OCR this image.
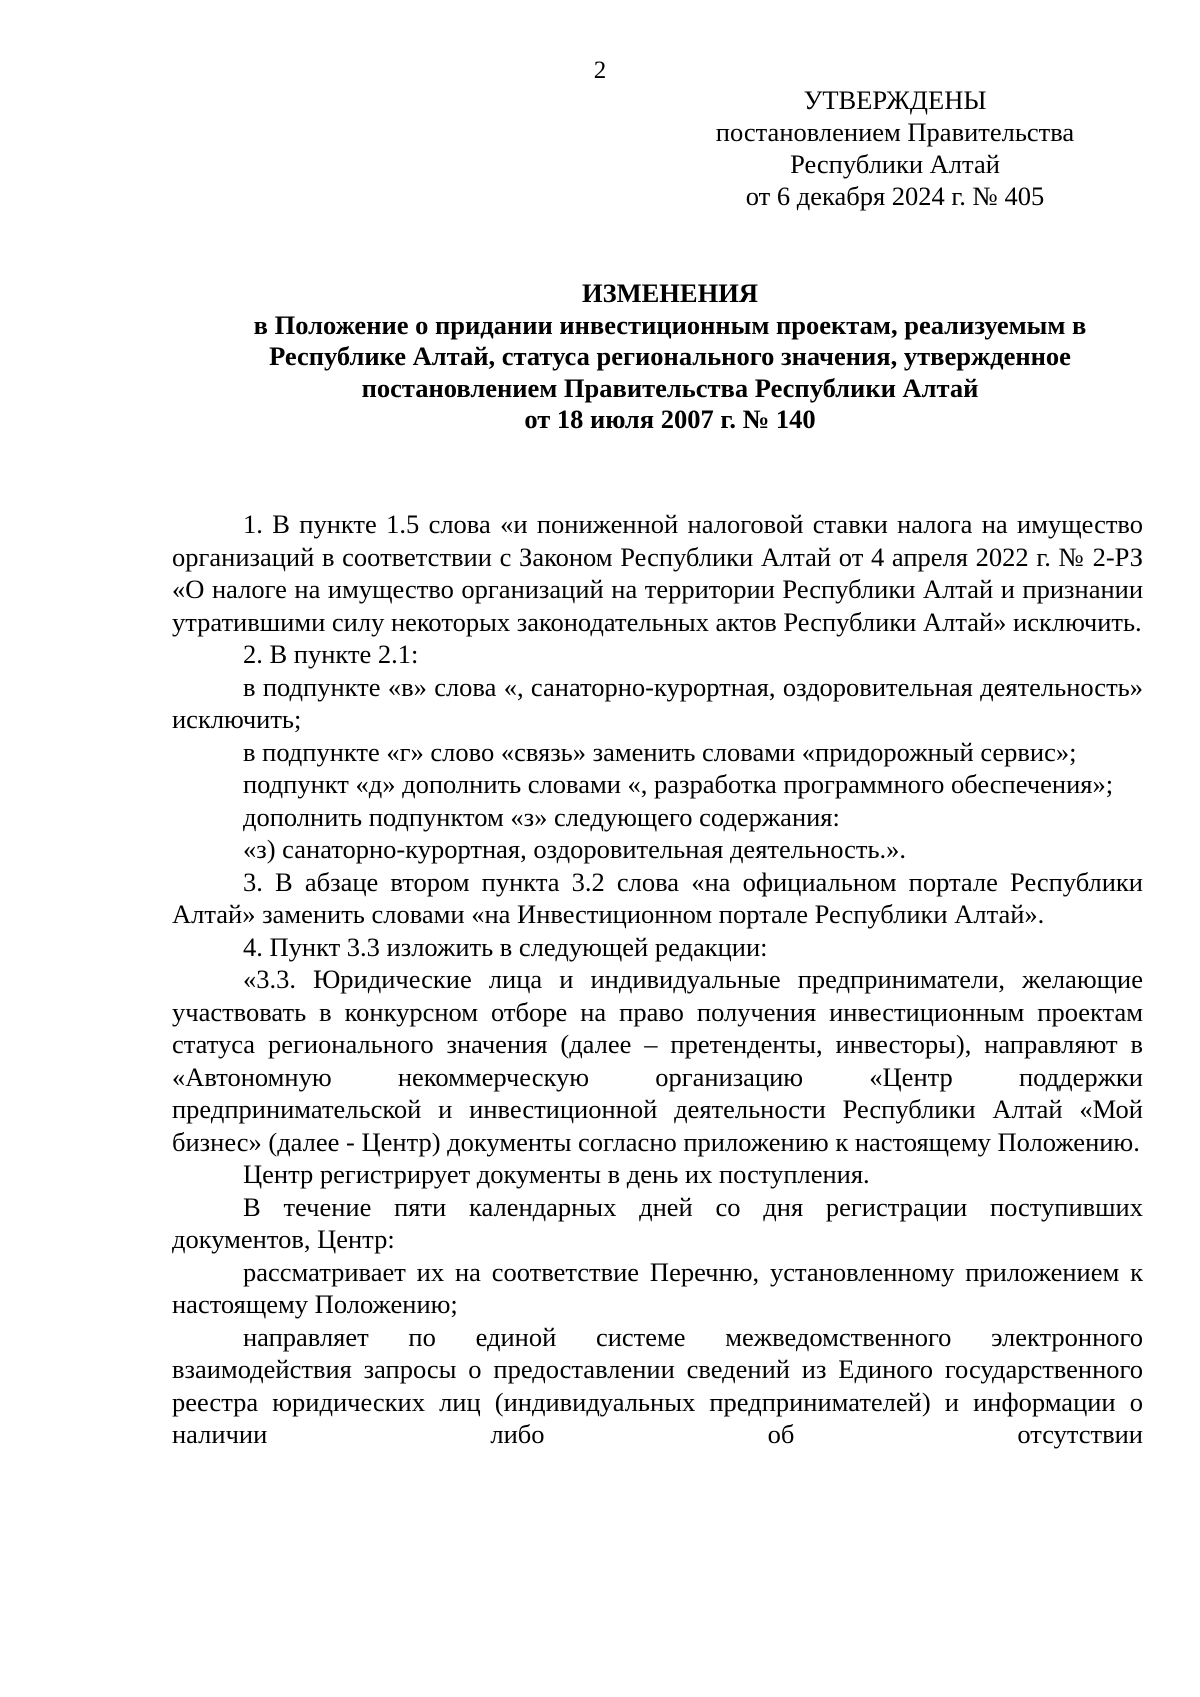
2
УТВЕРЖДЕНЫ
постановлением Правительства
Республики Алтай
от 6 декабря 2024 г. № 405
ИЗМЕНЕНИЯ
в Положение о придании инвестиционным проектам, реализуемым в
Республике Алтай, статуса регионального значения, утвержденное
постановлением Правительства Республики Алтай
от 18 июля 2007 г. № 140

1. В пункте 1.5 слова «и пониженной налоговой ставки налога на имущество организаций в соответствии с Законом Республики Алтай от 4 апреля 2022 г. № 2-РЗ «О налоге на имущество организаций на территории Республики Алтай и признании утратившими силу некоторых законодательных актов Республики Алтай» исключить.

2. В пункте 2.1:

в подпункте «в» слова «, санаторно-курортная, оздоровительная деятельность» исключить;

в подпункте «г» слово «связь» заменить словами «придорожный сервис»;

подпункт «д» дополнить словами «, разработка программного обеспечения»;

дополнить подпунктом «з» следующего содержания:

«з) санаторно-курортная, оздоровительная деятельность.».

3. В абзаце втором пункта 3.2 слова «на официальном портале Республики Алтай» заменить словами «на Инвестиционном портале Республики Алтай».

4. Пункт 3.3 изложить в следующей редакции:

«3.3. Юридические лица и индивидуальные предприниматели, желающие участвовать в конкурсном отборе на право получения инвестиционным проектам статуса регионального значения (далее – претенденты, инвесторы), направляют в «Автономную некоммерческую организацию «Центр поддержки предпринимательской и инвестиционной деятельности Республики Алтай «Мой бизнес» (далее - Центр) документы согласно приложению к настоящему Положению.

Центр регистрирует документы в день их поступления.

В течение пяти календарных дней со дня регистрации поступивших документов, Центр:

рассматривает их на соответствие Перечню, установленному приложением к настоящему Положению;

направляет по единой системе межведомственного электронного взаимодействия запросы о предоставлении сведений из Единого государственного реестра юридических лиц (индивидуальных предпринимателей) и информации о наличии либо об отсутствии
